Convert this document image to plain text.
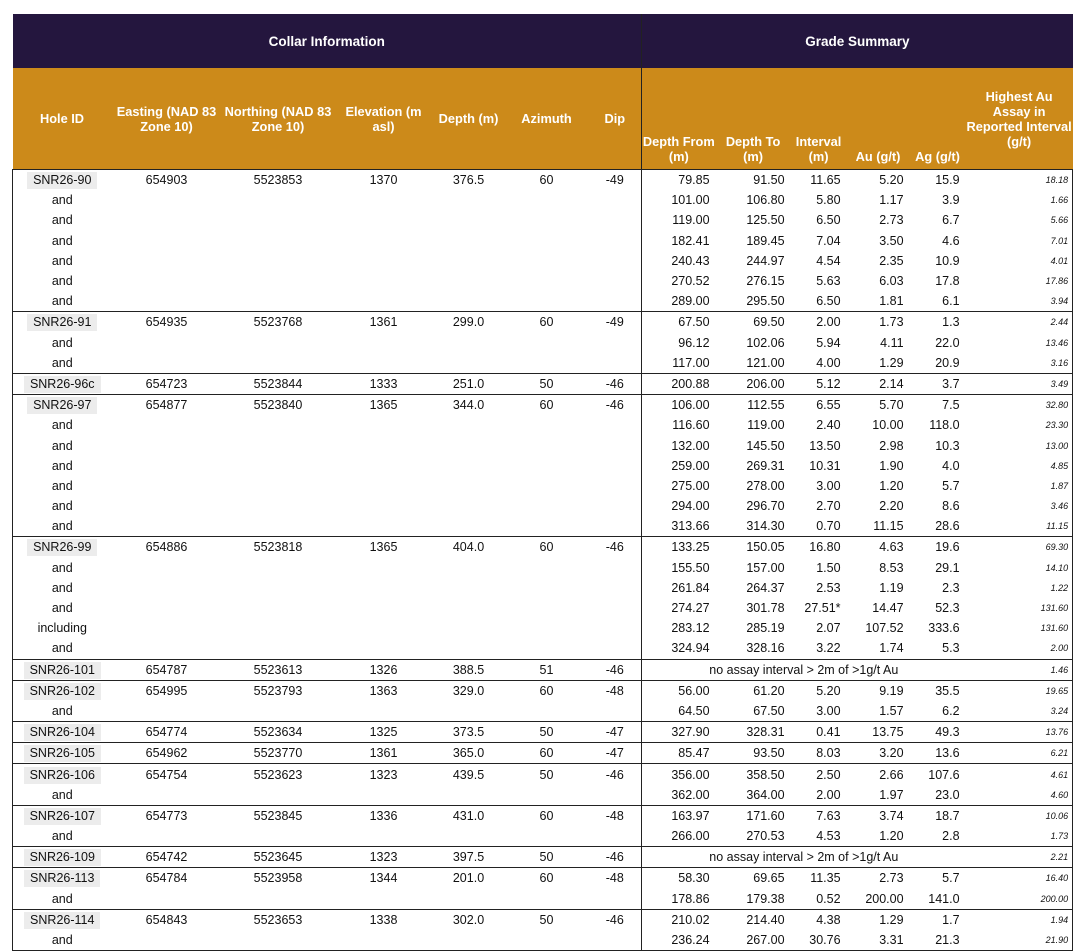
Collar Information							Grade Summary					
Hole ID	Easting (NAD 83 Zone 10)	Northing (NAD 83 Zone 10)	Elevation (m asl)	Depth (m)	Azimuth	Dip	Depth From (m)	Depth To (m)	Interval (m)	Au (g/t)	Ag (g/t)	Highest Au Assay in Reported Interval (g/t)
SNR26-90	654903	5523853	1370	376.5	60	-49	79.85	91.50	11.65	5.20	15.9	18.18
and							101.00	106.80	5.80	1.17	3.9	1.66
and							119.00	125.50	6.50	2.73	6.7	5.66
and							182.41	189.45	7.04	3.50	4.6	7.01
and							240.43	244.97	4.54	2.35	10.9	4.01
and							270.52	276.15	5.63	6.03	17.8	17.86
and							289.00	295.50	6.50	1.81	6.1	3.94
SNR26-91	654935	5523768	1361	299.0	60	-49	67.50	69.50	2.00	1.73	1.3	2.44
and							96.12	102.06	5.94	4.11	22.0	13.46
and							117.00	121.00	4.00	1.29	20.9	3.16
SNR26-96c	654723	5523844	1333	251.0	50	-46	200.88	206.00	5.12	2.14	3.7	3.49
SNR26-97	654877	5523840	1365	344.0	60	-46	106.00	112.55	6.55	5.70	7.5	32.80
and							116.60	119.00	2.40	10.00	118.0	23.30
and							132.00	145.50	13.50	2.98	10.3	13.00
and							259.00	269.31	10.31	1.90	4.0	4.85
and							275.00	278.00	3.00	1.20	5.7	1.87
and							294.00	296.70	2.70	2.20	8.6	3.46
and							313.66	314.30	0.70	11.15	28.6	11.15
SNR26-99	654886	5523818	1365	404.0	60	-46	133.25	150.05	16.80	4.63	19.6	69.30
and							155.50	157.00	1.50	8.53	29.1	14.10
and							261.84	264.37	2.53	1.19	2.3	1.22
and							274.27	301.78	27.51*	14.47	52.3	131.60
including							283.12	285.19	2.07	107.52	333.6	131.60
and							324.94	328.16	3.22	1.74	5.3	2.00
SNR26-101	654787	5523613	1326	388.5	51	-46	no assay interval > 2m of >1g/t Au					1.46
SNR26-102	654995	5523793	1363	329.0	60	-48	56.00	61.20	5.20	9.19	35.5	19.65
and							64.50	67.50	3.00	1.57	6.2	3.24
SNR26-104	654774	5523634	1325	373.5	50	-47	327.90	328.31	0.41	13.75	49.3	13.76
SNR26-105	654962	5523770	1361	365.0	60	-47	85.47	93.50	8.03	3.20	13.6	6.21
SNR26-106	654754	5523623	1323	439.5	50	-46	356.00	358.50	2.50	2.66	107.6	4.61
and							362.00	364.00	2.00	1.97	23.0	4.60
SNR26-107	654773	5523845	1336	431.0	60	-48	163.97	171.60	7.63	3.74	18.7	10.06
and							266.00	270.53	4.53	1.20	2.8	1.73
SNR26-109	654742	5523645	1323	397.5	50	-46	no assay interval > 2m of >1g/t Au					2.21
SNR26-113	654784	5523958	1344	201.0	60	-48	58.30	69.65	11.35	2.73	5.7	16.40
and							178.86	179.38	0.52	200.00	141.0	200.00
SNR26-114	654843	5523653	1338	302.0	50	-46	210.02	214.40	4.38	1.29	1.7	1.94
and							236.24	267.00	30.76	3.31	21.3	21.90
